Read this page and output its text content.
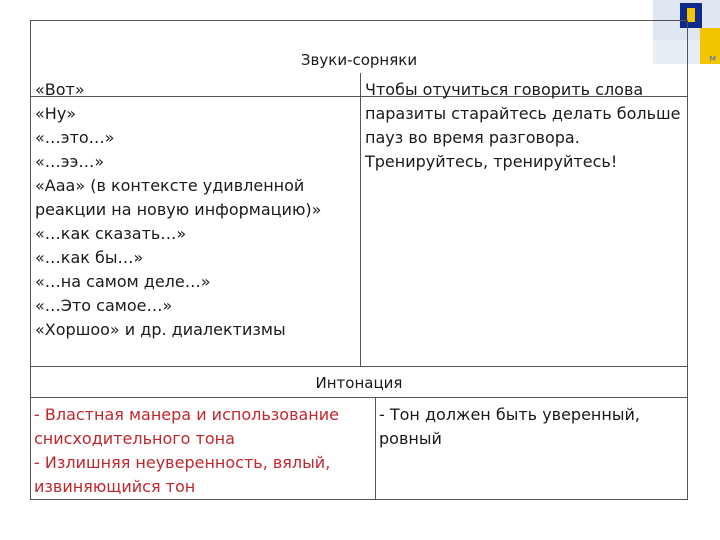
м
Звуки-сорняки
«Вот»
«Ну»
«…это…»
«…ээ…»
«Ааа» (в контексте удивленной реакции на новую информацию)»
«…как сказать…»
«…как бы…»
«…на самом деле…»
«…Это самое…»
«Хоршоо» и др. диалектизмы
Чтобы отучиться говорить слова паразиты старайтесь делать больше пауз во время разговора. Тренируйтесь, тренируйтесь!
Интонация
- Властная манера и использование снисходительного тона
- Излишняя неуверенность, вялый, извиняющийся тон
- Тон должен быть уверенный, ровный
